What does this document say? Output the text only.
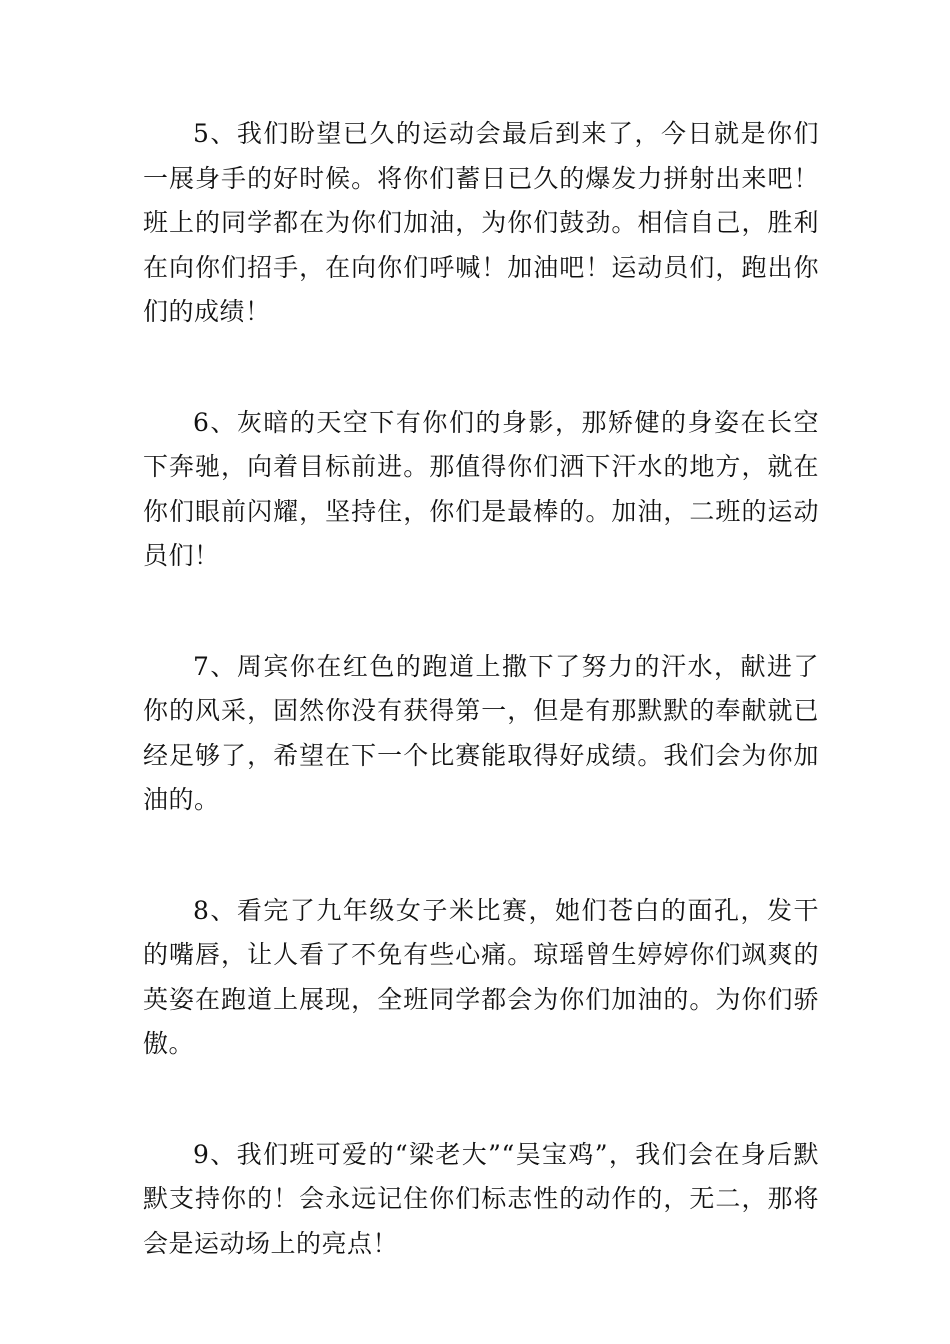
5、我们盼望已久的运动会最后到来了，今日就是你们一展身手的好时候。将你们蓄日已久的爆发力拼射出来吧！班上的同学都在为你们加油，为你们鼓劲。相信自己，胜利在向你们招手，在向你们呼喊！加油吧！运动员们，跑出你们的成绩！

6、灰暗的天空下有你们的身影，那矫健的身姿在长空下奔驰，向着目标前进。那值得你们洒下汗水的地方，就在你们眼前闪耀，坚持住，你们是最棒的。加油，二班的运动员们！

7、周宾你在红色的跑道上撒下了努力的汗水，献进了你的风采，固然你没有获得第一，但是有那默默的奉献就已经足够了，希望在下一个比赛能取得好成绩。我们会为你加油的。

8、看完了九年级女子米比赛，她们苍白的面孔，发干的嘴唇，让人看了不免有些心痛。琼瑶曾生婷婷你们飒爽的英姿在跑道上展现，全班同学都会为你们加油的。为你们骄傲。

9、我们班可爱的“梁老大”“吴宝鸡”，我们会在身后默默支持你的！会永远记住你们标志性的动作的，无二，那将会是运动场上的亮点！
